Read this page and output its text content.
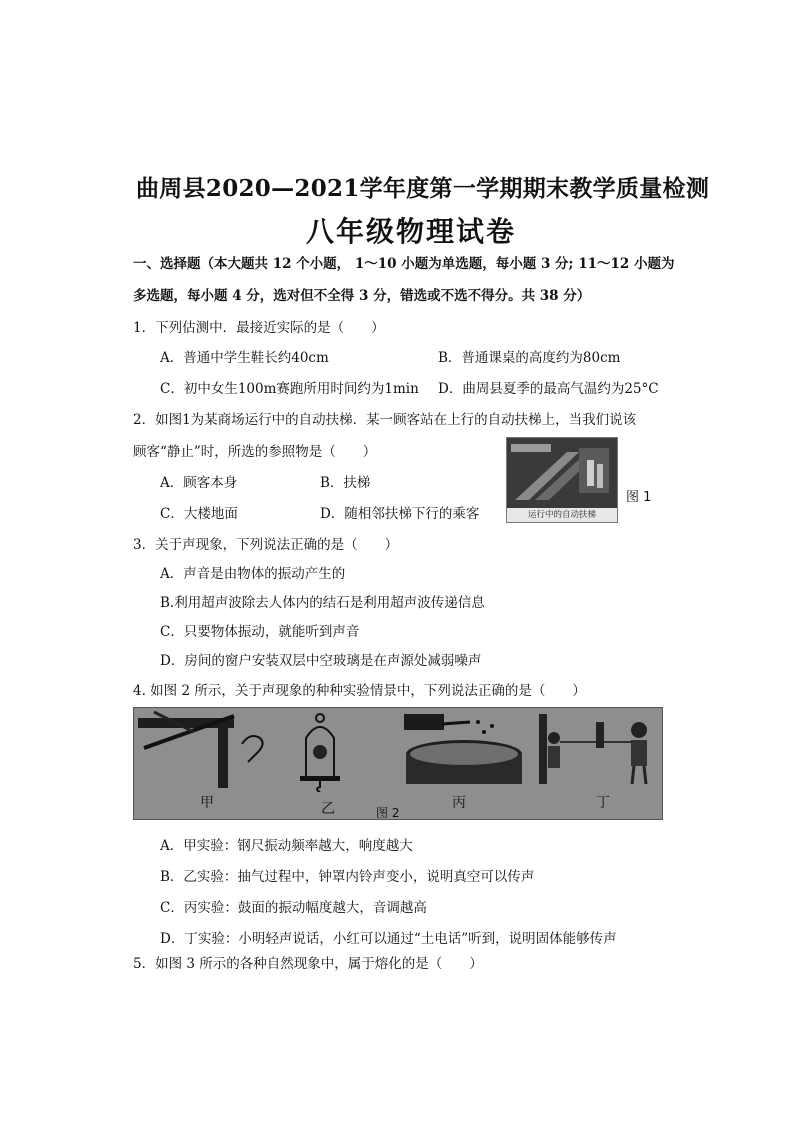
曲周县2020—2021学年度第一学期期末教学质量检测
八年级物理试卷
一、选择题（本大题共 12 个小题， 1～10 小题为单选题，每小题 3 分; 11～12 小题为
多选题，每小题 4 分，选对但不全得 3 分，错选或不选不得分。共 38 分）
1．下列估测中．最接近实际的是（　　）
A．普通中学生鞋长约40cm	B．普通课桌的高度约为80cm
C．初中女生100m赛跑所用时间约为1min D．曲周县夏季的最高气温约为25°C
2．如图1为某商场运行中的自动扶梯．某一顾客站在上行的自动扶梯上，当我们说该
顾客“静止”时，所选的参照物是（　　）
A．顾客本身	B．扶梯
C．大楼地面	D．随相邻扶梯下行的乘客	运行中的自动扶梯
图 1
3．关于声现象，下列说法正确的是（　　）
A．声音是由物体的振动产生的
B.利用超声波除去人体内的结石是利用超声波传递信息
C．只要物体振动，就能听到声音
D．房间的窗户安装双层中空玻璃是在声源处减弱噪声
4. 如图 2 所示，关于声现象的种种实验情景中，下列说法正确的是（　　）
甲	乙	丙	丁
图 2
A．甲实验：钢尺振动频率越大，响度越大
B．乙实验：抽气过程中，钟罩内铃声变小，说明真空可以传声
C．丙实验：鼓面的振动幅度越大，音调越高
D．丁实验：小明轻声说话，小红可以通过“土电话”听到，说明固体能够传声
5．如图 3 所示的各种自然现象中，属于熔化的是（　　）
